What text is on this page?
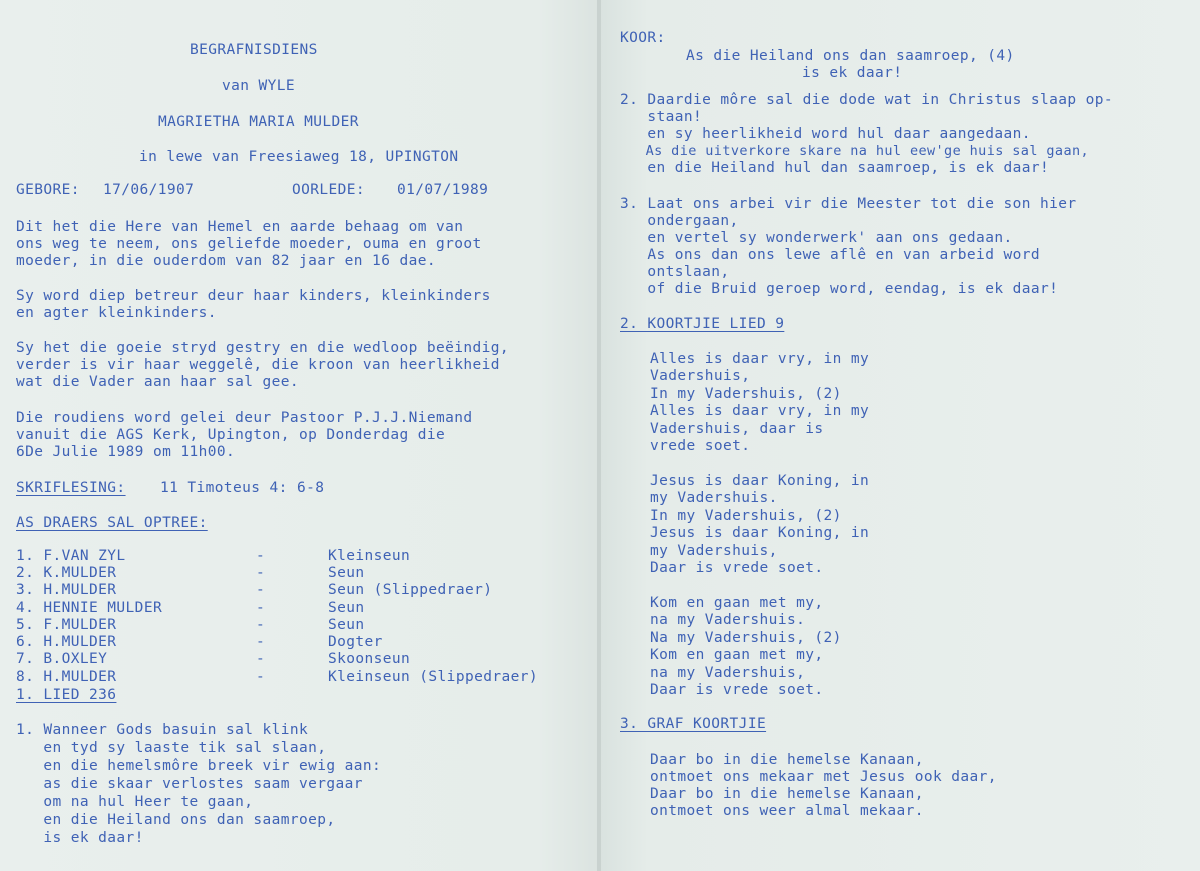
BEGRAFNISDIENS
van WYLE
MAGRIETHA MARIA MULDER
in lewe van Freesiaweg 18, UPINGTON
GEBORE: 17/06/1907	OORLEDE: 01/07/1989
Dit het die Here van Hemel en aarde behaag om van
ons weg te neem, ons geliefde moeder, ouma en groot
moeder, in die ouderdom van 82 jaar en 16 dae.
Sy word diep betreur deur haar kinders, kleinkinders
en agter kleinkinders.
Sy het die goeie stryd gestry en die wedloop beëindig,
verder is vir haar weggelê, die kroon van heerlikheid
wat die Vader aan haar sal gee.
Die roudiens word gelei deur Pastoor P.J.J.Niemand
vanuit die AGS Kerk, Upington, op Donderdag die
6De Julie 1989 om 11h00.
SKRIFLESING: 11 Timoteus 4: 6-8
AS DRAERS SAL OPTREE:
1. F.VAN ZYL	-	Kleinseun
2. K.MULDER	-	Seun
3. H.MULDER	-	Seun (Slippedraer)
4. HENNIE MULDER	-	Seun
5. F.MULDER	-	Seun
6. H.MULDER	-	Dogter
7. B.OXLEY	-	Skoonseun
8. H.MULDER	-	Kleinseun (Slippedraer)
1. LIED 236
1. Wanneer Gods basuin sal klink
en tyd sy laaste tik sal slaan,
en die hemelsmôre breek vir ewig aan:
as die skaar verlostes saam vergaar
om na hul Heer te gaan,
en die Heiland ons dan saamroep,
is ek daar!
KOOR:
As die Heiland ons dan saamroep, (4)
is ek daar!
2. Daardie môre sal die dode wat in Christus slaap op-
staan!
en sy heerlikheid word hul daar aangedaan.
As die uitverkore skare na hul eew'ge huis sal gaan,
en die Heiland hul dan saamroep, is ek daar!
3. Laat ons arbei vir die Meester tot die son hier
ondergaan,
en vertel sy wonderwerk' aan ons gedaan.
As ons dan ons lewe aflê en van arbeid word
ontslaan,
of die Bruid geroep word, eendag, is ek daar!
2. KOORTJIE LIED 9
Alles is daar vry, in my
Vadershuis,
In my Vadershuis, (2)
Alles is daar vry, in my
Vadershuis, daar is
vrede soet.
Jesus is daar Koning, in
my Vadershuis.
In my Vadershuis, (2)
Jesus is daar Koning, in
my Vadershuis,
Daar is vrede soet.
Kom en gaan met my,
na my Vadershuis.
Na my Vadershuis, (2)
Kom en gaan met my,
na my Vadershuis,
Daar is vrede soet.
3. GRAF KOORTJIE
Daar bo in die hemelse Kanaan,
ontmoet ons mekaar met Jesus ook daar,
Daar bo in die hemelse Kanaan,
ontmoet ons weer almal mekaar.
